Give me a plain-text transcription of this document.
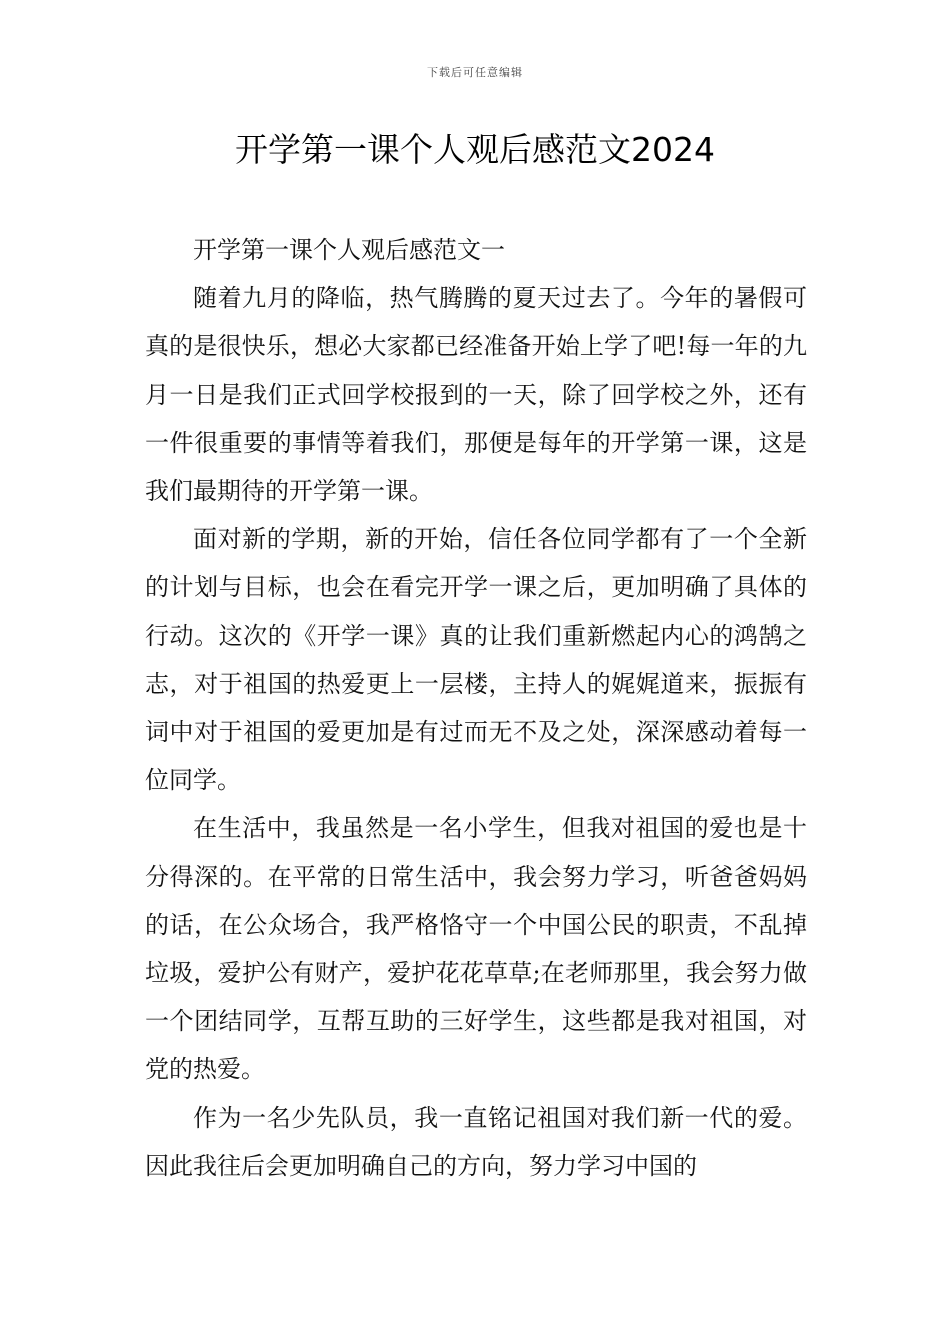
下载后可任意编辑
开学第一课个人观后感范文2024

开学第一课个人观后感范文一

随着九月的降临，热气腾腾的夏天过去了。今年的暑假可真的是很快乐，想必大家都已经准备开始上学了吧!每一年的九月一日是我们正式回学校报到的一天，除了回学校之外，还有一件很重要的事情等着我们，那便是每年的开学第一课，这是我们最期待的开学第一课。

面对新的学期，新的开始，信任各位同学都有了一个全新的计划与目标，也会在看完开学一课之后，更加明确了具体的行动。这次的《开学一课》真的让我们重新燃起内心的鸿鹄之志，对于祖国的热爱更上一层楼，主持人的娓娓道来，振振有词中对于祖国的爱更加是有过而无不及之处，深深感动着每一位同学。

在生活中，我虽然是一名小学生，但我对祖国的爱也是十分得深的。在平常的日常生活中，我会努力学习，听爸爸妈妈的话，在公众场合，我严格恪守一个中国公民的职责，不乱掉垃圾，爱护公有财产，爱护花花草草;在老师那里，我会努力做一个团结同学，互帮互助的三好学生，这些都是我对祖国，对党的热爱。

作为一名少先队员，我一直铭记祖国对我们新一代的爱。因此我往后会更加明确自己的方向，努力学习中国的
